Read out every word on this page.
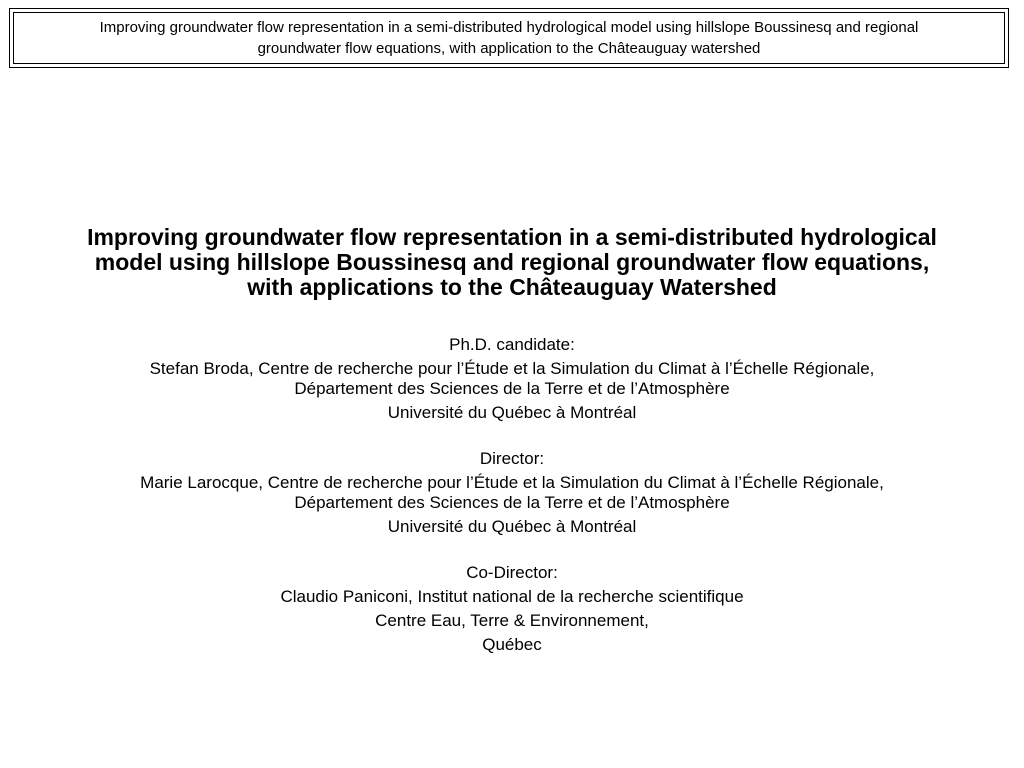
Improving groundwater flow representation in a semi-distributed hydrological model using hillslope Boussinesq and regional
groundwater flow equations, with application to the Châteauguay watershed
Improving groundwater flow representation in a semi-distributed hydrological
model using hillslope Boussinesq and regional groundwater flow equations,
with applications to the Châteauguay Watershed
Ph.D. candidate:
Stefan Broda, Centre de recherche pour l’Étude et la Simulation du Climat à l’Échelle Régionale,
Département des Sciences de la Terre et de l’Atmosphère
Université du Québec à Montréal
Director:
Marie Larocque, Centre de recherche pour l’Étude et la Simulation du Climat à l’Échelle Régionale,
Département des Sciences de la Terre et de l’Atmosphère
Université du Québec à Montréal
Co-Director:
Claudio Paniconi, Institut national de la recherche scientifique
Centre Eau, Terre & Environnement,
Québec
